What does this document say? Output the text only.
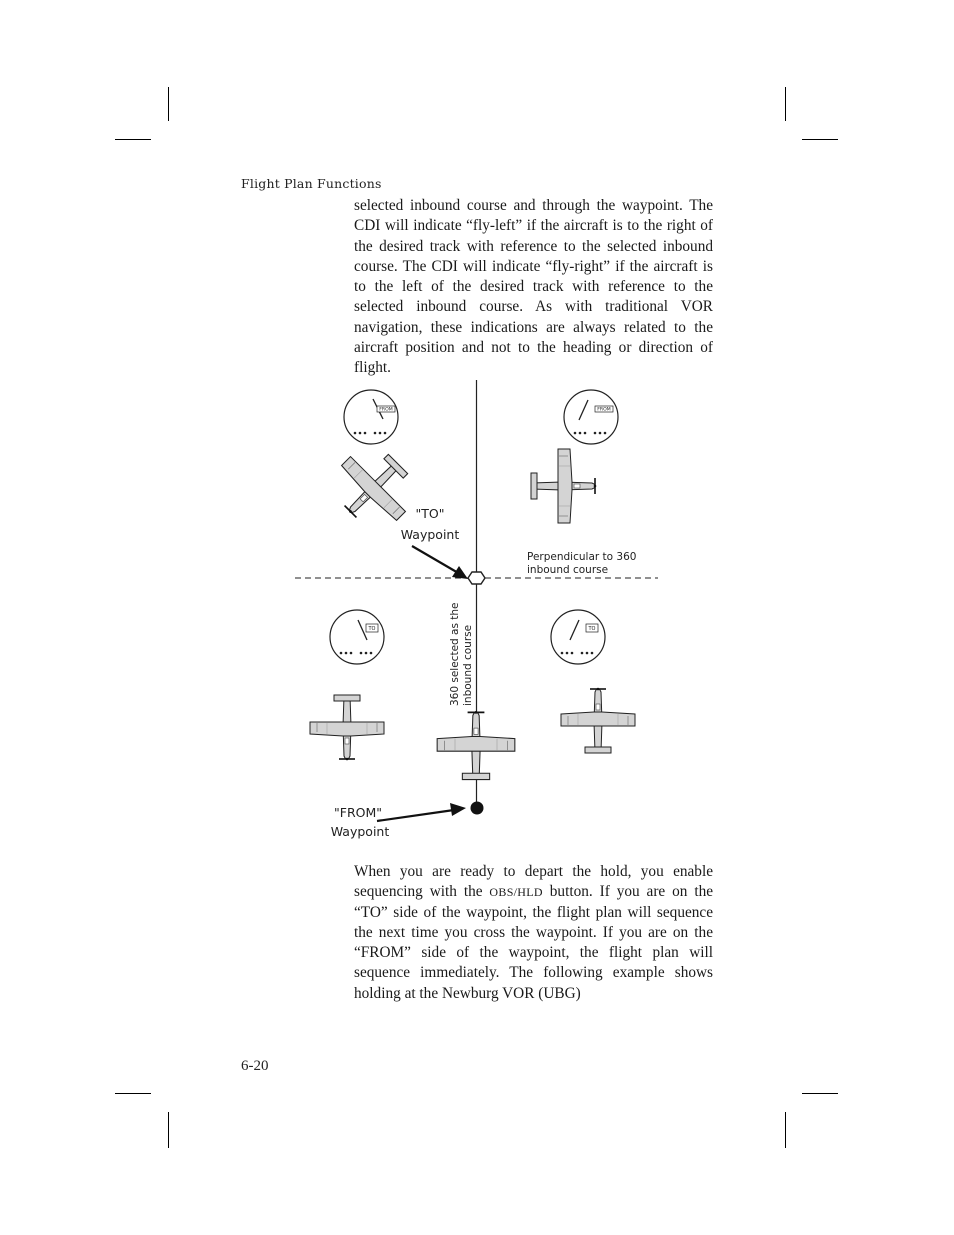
Flight Plan Functions

selected inbound course and through the waypoint. The CDI will indicate “fly-left” if the aircraft is to the right of the desired track with reference to the selected inbound course. The CDI will indicate “fly-right” if the aircraft is to the left of the desired track with reference to the selected inbound course. As with traditional VOR navigation, these indications are always related to the aircraft position and not to the heading or direction of flight.

FROM	FROM
TO	TO
"TO"
Waypoint
"FROM"
Waypoint
Perpendicular to 360
inbound course
360 selected as the inbound course

When you are ready to depart the hold, you enable sequencing with the OBS/HLD button. If you are on the “TO” side of the waypoint, the flight plan will sequence the next time you cross the waypoint. If you are on the “FROM” side of the waypoint, the flight plan will sequence immediately. The following example shows holding at the Newburg VOR (UBG)

6-20
